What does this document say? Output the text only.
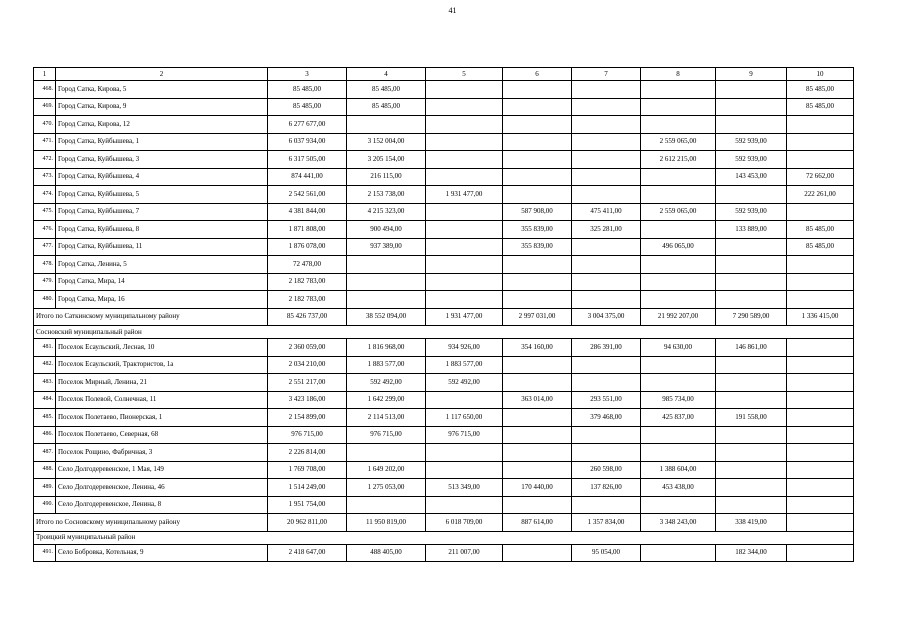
41
1	2	3	4	5	6	7	8	9	10
468.	Город Сатка, Кирова, 5	85 485,00	85 485,00						85 485,00
469.	Город Сатка, Кирова, 9	85 485,00	85 485,00						85 485,00
470.	Город Сатка, Кирова, 12	6 277 677,00							
471.	Город Сатка, Куйбышева, 1	6 037 934,00	3 152 004,00				2 559 065,00	592 939,00	
472.	Город Сатка, Куйбышева, 3	6 317 505,00	3 205 154,00				2 612 215,00	592 939,00	
473.	Город Сатка, Куйбышева, 4	874 441,00	216 115,00					143 453,00	72 662,00
474.	Город Сатка, Куйбышева, 5	2 542 561,00	2 153 738,00	1 931 477,00					222 261,00
475.	Город Сатка, Куйбышева, 7	4 381 844,00	4 215 323,00		587 908,00	475 411,00	2 559 065,00	592 939,00	
476.	Город Сатка, Куйбышева, 8	1 871 808,00	900 494,00		355 839,00	325 281,00		133 889,00	85 485,00
477.	Город Сатка, Куйбышева, 11	1 876 078,00	937 389,00		355 839,00		496 065,00		85 485,00
478.	Город Сатка, Ленина, 5	72 478,00							
479.	Город Сатка, Мира, 14	2 182 783,00							
480.	Город Сатка, Мира, 16	2 182 783,00							
Итого по Саткинскому муниципальному району		85 426 737,00	38 552 094,00	1 931 477,00	2 997 031,00	3 004 375,00	21 992 207,00	7 290 589,00	1 336 415,00
Сосновский муниципальный район									
481.	Поселок Есаульский, Лесная, 10	2 360 059,00	1 816 968,00	934 926,00	354 160,00	286 391,00	94 630,00	146 861,00	
482.	Поселок Есаульский, Трактористов, 1а	2 034 210,00	1 883 577,00	1 883 577,00					
483.	Поселок Мирный, Ленина, 21	2 551 217,00	592 492,00	592 492,00					
484.	Поселок Полевой, Солнечная, 11	3 423 186,00	1 642 299,00		363 014,00	293 551,00	985 734,00		
485.	Поселок Полетаево, Пионерская, 1	2 154 899,00	2 114 513,00	1 117 650,00		379 468,00	425 837,00	191 558,00	
486.	Поселок Полетаево, Северная, 68	976 715,00	976 715,00	976 715,00					
487.	Поселок Рощино, Фабричная, 3	2 226 814,00							
488.	Село Долгодеревенское, 1 Мая, 149	1 769 708,00	1 649 202,00			260 598,00	1 388 604,00		
489.	Село Долгодеревенское, Ленина, 46	1 514 249,00	1 275 053,00	513 349,00	170 440,00	137 826,00	453 438,00		
490.	Село Долгодеревенское, Ленина, 8	1 951 754,00							
Итого по Сосновскому муниципальному району		20 962 811,00	11 950 819,00	6 018 709,00	887 614,00	1 357 834,00	3 348 243,00	338 419,00	
Троицкий муниципальный район									
491.	Село Бобровка, Котельная, 9	2 418 647,00	488 405,00	211 007,00		95 054,00		182 344,00	
